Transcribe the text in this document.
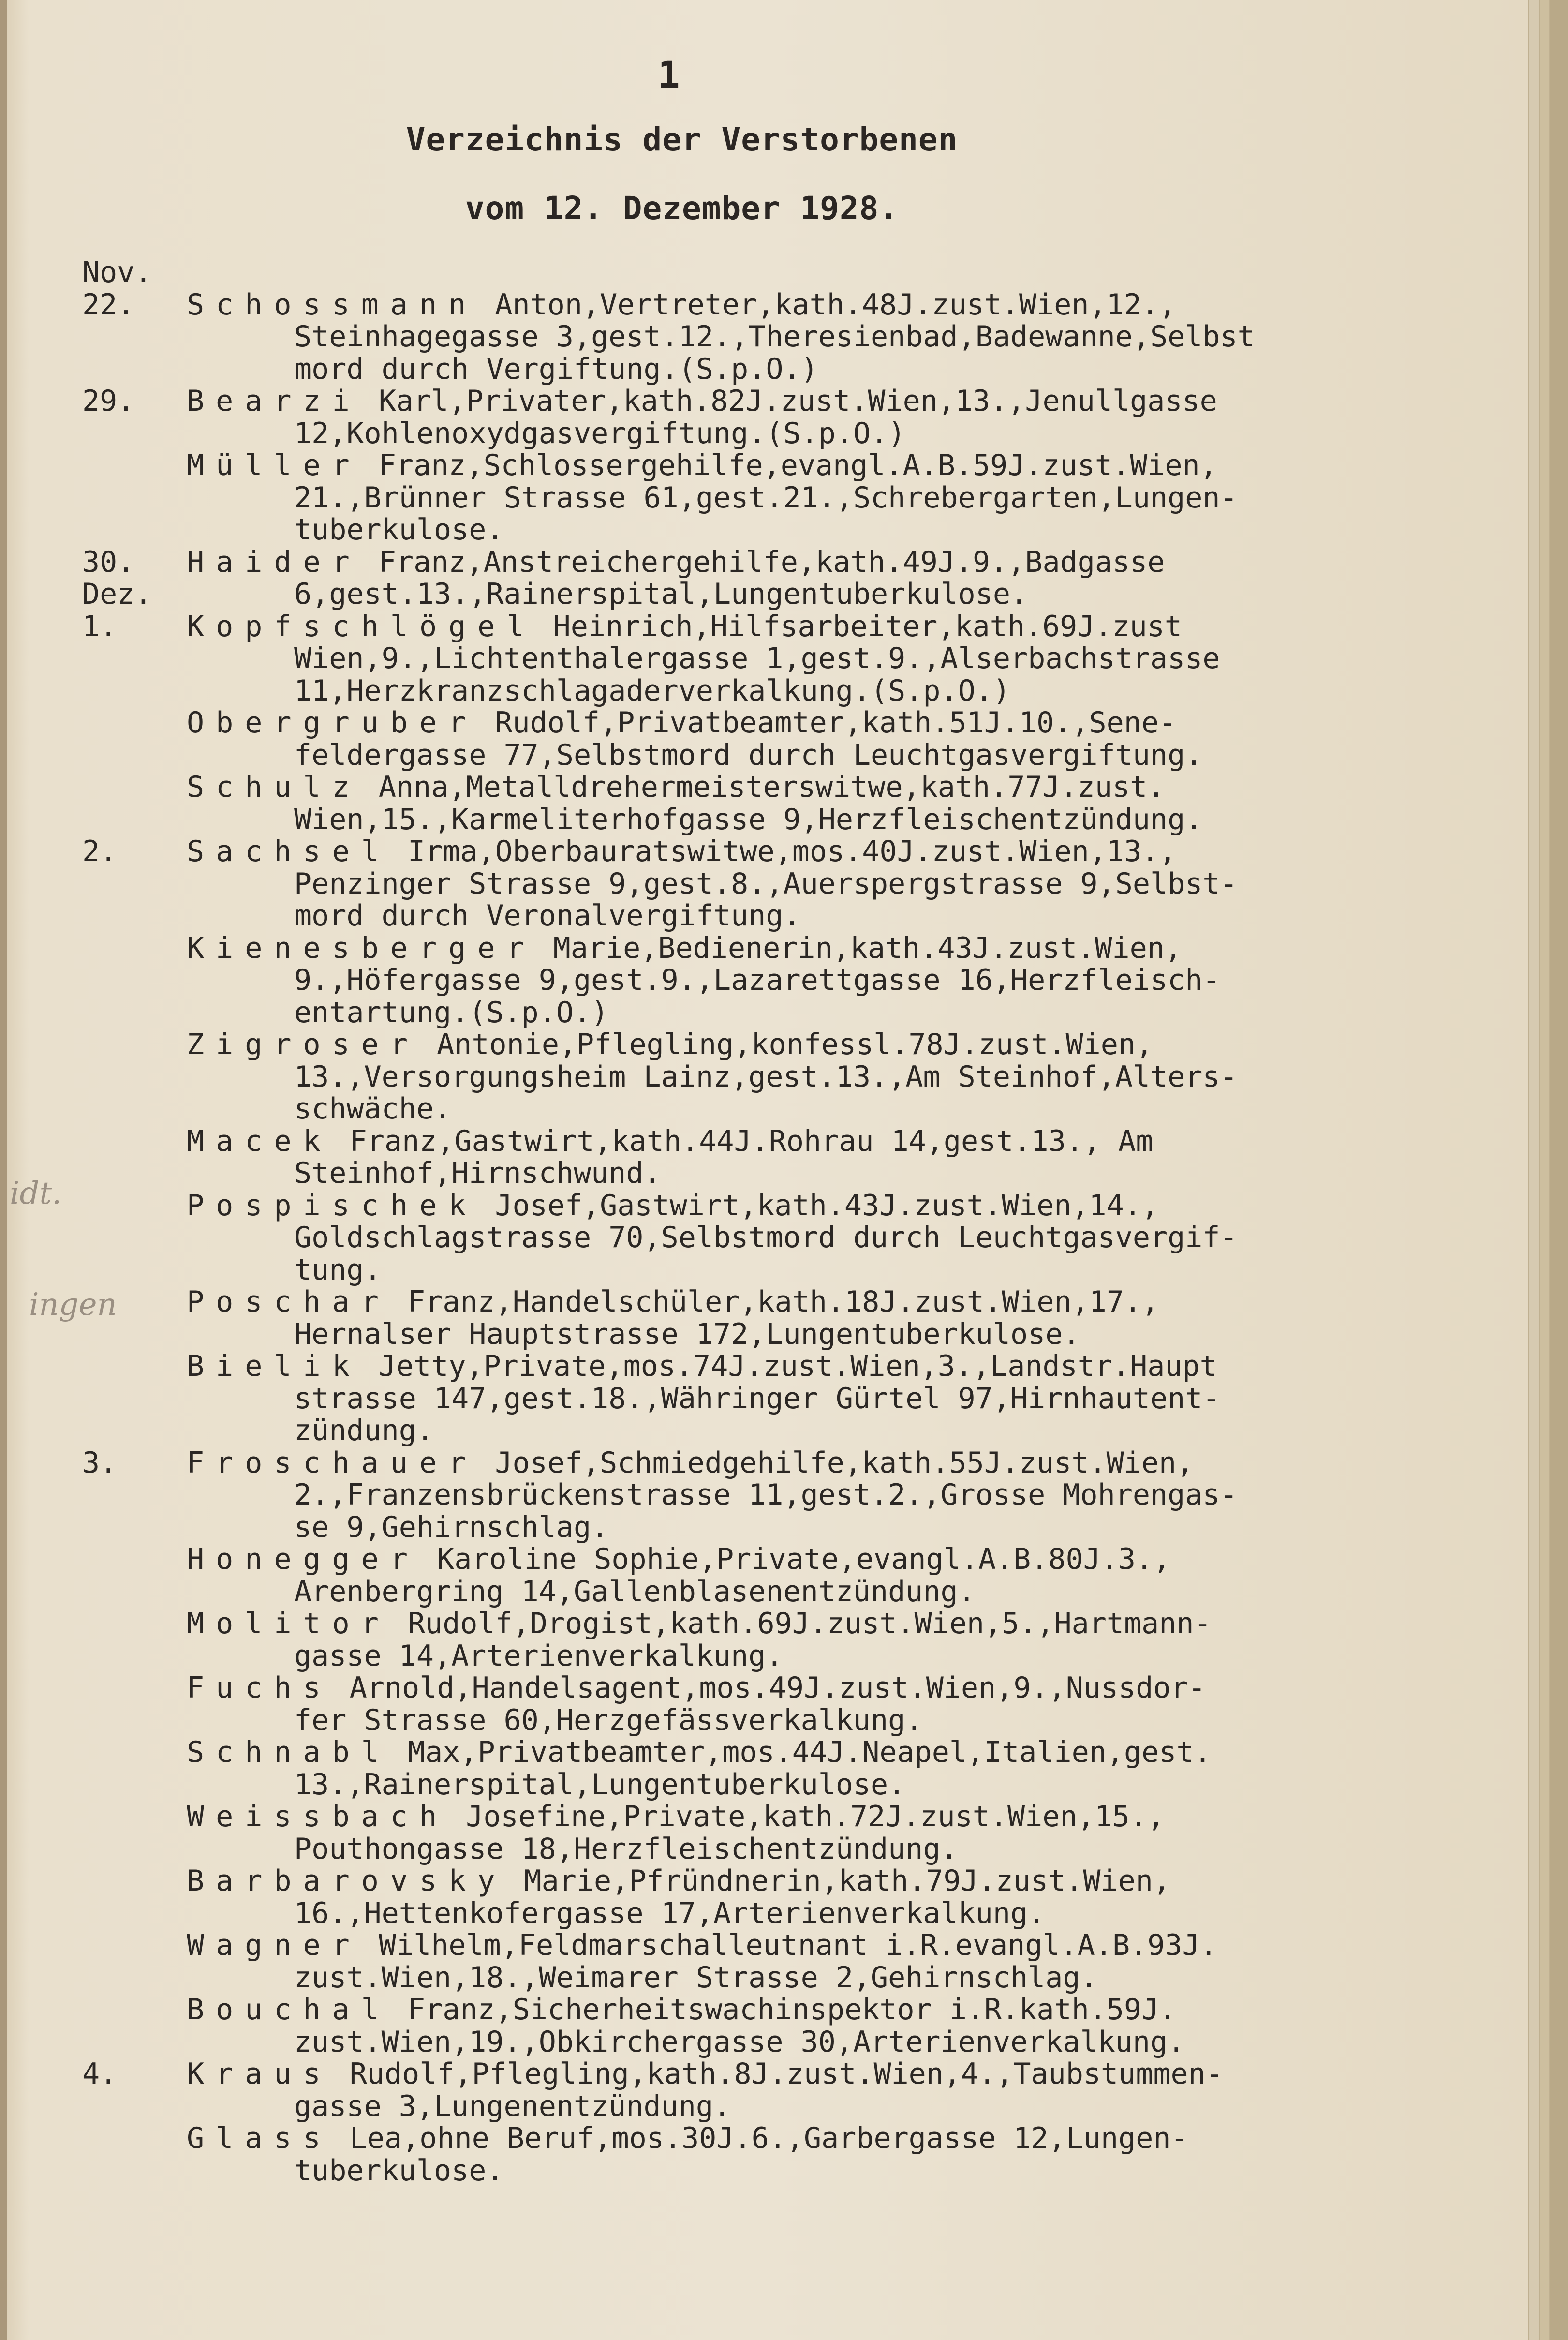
idt.
ingen
1
Verzeichnis der Verstorbenen
vom 12. Dezember 1928.
Nov.
22.	Schossmann Anton,Vertreter,kath.48J.zust.Wien,12.,
Steinhagegasse 3,gest.12.,Theresienbad,Badewanne,Selbst
mord durch Vergiftung.(S.p.O.)
29.	Bearzi Karl,Privater,kath.82J.zust.Wien,13.,Jenullgasse
12,Kohlenoxydgasvergiftung.(S.p.O.)
Müller Franz,Schlossergehilfe,evangl.A.B.59J.zust.Wien,
21.,Brünner Strasse 61,gest.21.,Schrebergarten,Lungen-
tuberkulose.
30.	Haider Franz,Anstreichergehilfe,kath.49J.9.,Badgasse
Dez.	6,gest.13.,Rainerspital,Lungentuberkulose.
1.	Kopfschlögel Heinrich,Hilfsarbeiter,kath.69J.zust
Wien,9.,Lichtenthalergasse 1,gest.9.,Alserbachstrasse
11,Herzkranzschlagaderverkalkung.(S.p.O.)
Obergruber Rudolf,Privatbeamter,kath.51J.10.,Sene-
feldergasse 77,Selbstmord durch Leuchtgasvergiftung.
Schulz Anna,Metalldrehermeisterswitwe,kath.77J.zust.
Wien,15.,Karmeliterhofgasse 9,Herzfleischentzündung.
2.	Sachsel Irma,Oberbauratswitwe,mos.40J.zust.Wien,13.,
Penzinger Strasse 9,gest.8.,Auerspergstrasse 9,Selbst-
mord durch Veronalvergiftung.
Kienesberger Marie,Bedienerin,kath.43J.zust.Wien,
9.,Höfergasse 9,gest.9.,Lazarettgasse 16,Herzfleisch-
entartung.(S.p.O.)
Zigroser Antonie,Pflegling,konfessl.78J.zust.Wien,
13.,Versorgungsheim Lainz,gest.13.,Am Steinhof,Alters-
schwäche.
Macek Franz,Gastwirt,kath.44J.Rohrau 14,gest.13., Am
Steinhof,Hirnschwund.
Pospischek Josef,Gastwirt,kath.43J.zust.Wien,14.,
Goldschlagstrasse 70,Selbstmord durch Leuchtgasvergif-
tung.
Poschar Franz,Handelschüler,kath.18J.zust.Wien,17.,
Hernalser Hauptstrasse 172,Lungentuberkulose.
Bielik Jetty,Private,mos.74J.zust.Wien,3.,Landstr.Haupt
strasse 147,gest.18.,Währinger Gürtel 97,Hirnhautent-
zündung.
3.	Froschauer Josef,Schmiedgehilfe,kath.55J.zust.Wien,
2.,Franzensbrückenstrasse 11,gest.2.,Grosse Mohrengas-
se 9,Gehirnschlag.
Honegger Karoline Sophie,Private,evangl.A.B.80J.3.,
Arenbergring 14,Gallenblasenentzündung.
Molitor Rudolf,Drogist,kath.69J.zust.Wien,5.,Hartmann-
gasse 14,Arterienverkalkung.
Fuchs Arnold,Handelsagent,mos.49J.zust.Wien,9.,Nussdor-
fer Strasse 60,Herzgefässverkalkung.
Schnabl Max,Privatbeamter,mos.44J.Neapel,Italien,gest.
13.,Rainerspital,Lungentuberkulose.
Weissbach Josefine,Private,kath.72J.zust.Wien,15.,
Pouthongasse 18,Herzfleischentzündung.
Barbarovsky Marie,Pfründnerin,kath.79J.zust.Wien,
16.,Hettenkofergasse 17,Arterienverkalkung.
Wagner Wilhelm,Feldmarschalleutnant i.R.evangl.A.B.93J.
zust.Wien,18.,Weimarer Strasse 2,Gehirnschlag.
Bouchal Franz,Sicherheitswachinspektor i.R.kath.59J.
zust.Wien,19.,Obkirchergasse 30,Arterienverkalkung.
4.	Kraus Rudolf,Pflegling,kath.8J.zust.Wien,4.,Taubstummen-
gasse 3,Lungenentzündung.
Glass Lea,ohne Beruf,mos.30J.6.,Garbergasse 12,Lungen-
tuberkulose.
